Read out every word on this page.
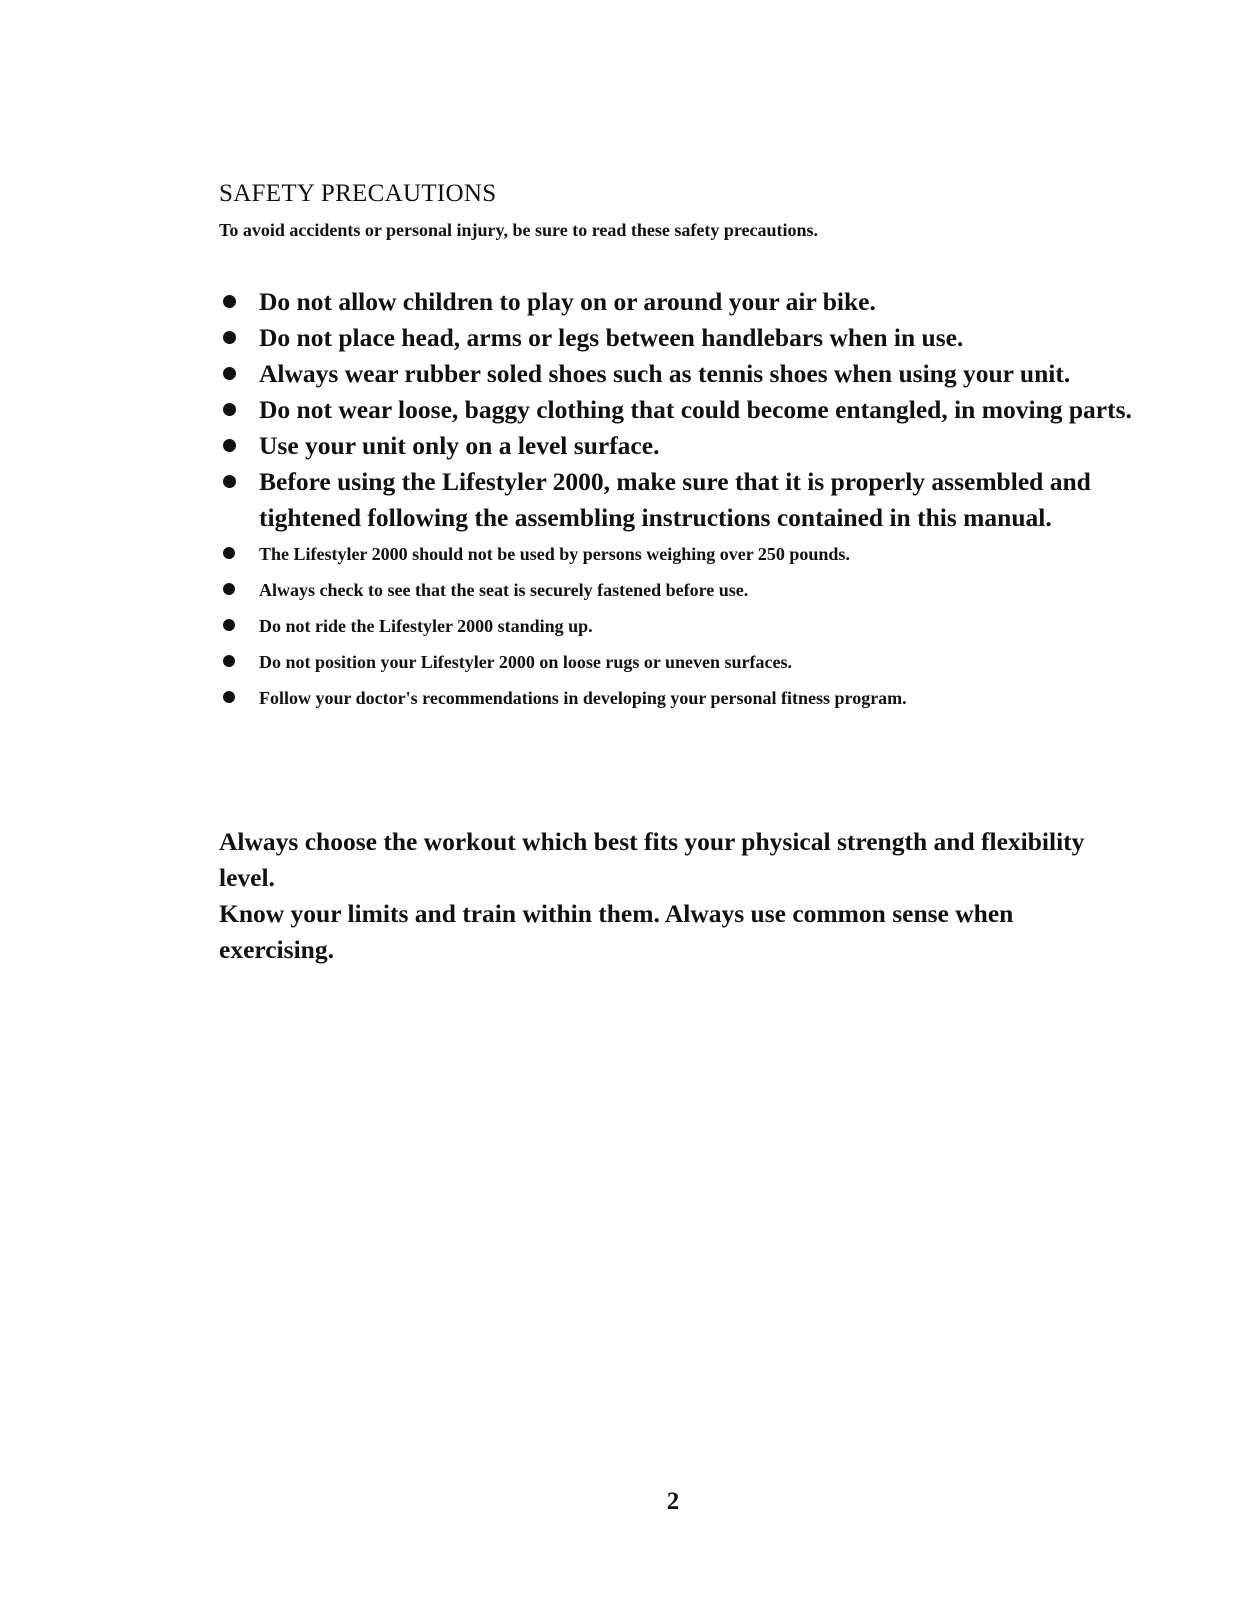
SAFETY PRECAUTIONS
To avoid accidents or personal injury, be sure to read these safety precautions.
Do not allow children to play on or around your air bike.
Do not place head, arms or legs between handlebars when in use.
Always wear rubber soled shoes such as tennis shoes when using your unit.
Do not wear loose, baggy clothing that could become entangled, in moving parts.
Use your unit only on a level surface.
Before using the Lifestyler 2000, make sure that it is properly assembled and tightened following the assembling instructions contained in this manual.
The Lifestyler 2000 should not be used by persons weighing over 250 pounds.
Always check to see that the seat is securely fastened before use.
Do not ride the Lifestyler 2000 standing up.
Do not position your Lifestyler 2000 on loose rugs or uneven surfaces.
Follow your doctor's recommendations in developing your personal fitness program.

Always choose the workout which best fits your physical strength and flexibility level.

Know your limits and train within them. Always use common sense when exercising.

2
